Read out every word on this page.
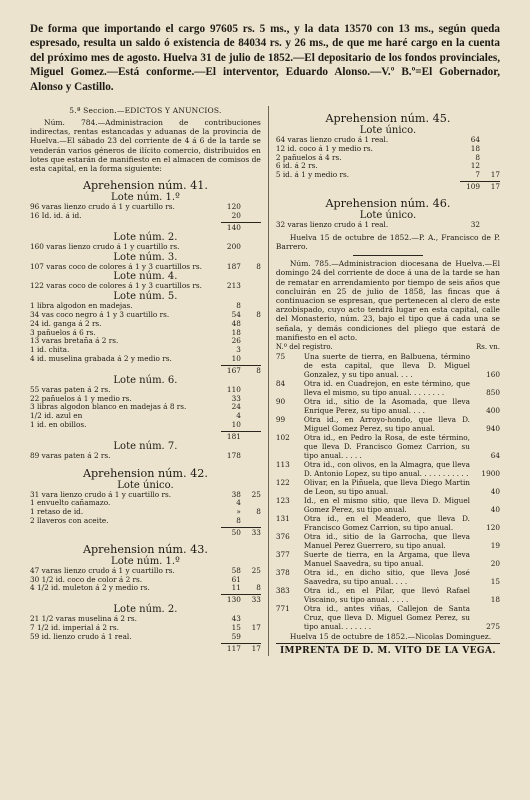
De forma que importando el cargo 97605 rs. 5 ms., y la data 13570 con 13 ms., según queda espresado, resulta un saldo ó existencia de 84034 rs. y 26 ms., de que me haré cargo en la cuenta del próximo mes de agosto. Huelva 31 de julio de 1852.—El depositario de los fondos provinciales, Miguel Gomez.—Está conforme.—El interventor, Eduardo Alonso.—V.º B.º=El Gobernador, Alonso y Castillo.
5.ª Seccion.—EDICTOS Y ANUNCIOS.

Núm. 784.—Administracion de contribuciones indirectas, rentas estancadas y aduanas de la provincia de Huelva.—El sábado 23 del corriente de 4 á 6 de la tarde se venderán varios géneros de ilícito comercio, distribuidos en lotes que estarán de manifiesto en el almacen de comisos de esta capital, en la forma siguiente:

Aprehension núm. 41.
Lote núm. 1.º
96 varas lienzo crudo á 1 y cuartillo rs.	120
16 Id. id. á id.	20
140
Lote núm. 2.
160 varas lienzo crudo á 1 y cuartillo rs.	200
Lote núm. 3.
107 varas coco de colores á 1 y 3 cuartillos rs.	187	8
Lote núm. 4.
122 varas coco de colores á 1 y 3 cuartillos rs.	213
Lote núm. 5.
1 libra algodon en madejas.	8
34 vas coco negro á 1 y 3 cuartillo rs.	54	8
24 id. ganga á 2 rs.	48
3 pañuelos á 6 rs.	18
13 varas bretaña á 2 rs.	26
1 id. chita.	3
4 id. muselina grabada á 2 y medio rs.	10
167	8
Lote núm. 6.
55 varas paten á 2 rs.	110
22 pañuelos á 1 y medio rs.	33
3 libras algodon blanco en madejas á 8 rs.	24
1/2 id. azul en	4
1 id. en obillos.	10
181
Lote núm. 7.
89 varas paten á 2 rs.	178
Aprehension núm. 42.
Lote único.
31 vara lienzo crudo á 1 y cuartillo rs.	38	25
1 envuelto cañamazo.	4
1 retaso de id.	»	8
2 llaveros con aceite.	8
50	33
Aprehension núm. 43.
Lote núm. 1.º
47 varas lienzo crudo á 1 y cuartillo rs.	58	25
30 1/2 id. coco de color á 2 rs.	61
4 1/2 id. muleton á 2 y medio rs.	11	8
130	33
Lote núm. 2.
21 1/2 varas muselina á 2 rs.	43
7 1/2 id. imperial á 2 rs.	15	17
59 id. lienzo crudo á 1 real.	59
117	17
Aprehension núm. 45.
Lote único.
64 varas lienzo crudo á 1 real.	64
12 id. coco á 1 y medio rs.	18
2 pañuelos á 4 rs.	8
6 id. á 2 rs.	12
5 id. á 1 y medio rs.	7	17
109	17
Aprehension núm. 46.
Lote único.
32 varas lienzo crudo á 1 real.	32

Huelva 15 de octubre de 1852.—P. A., Francisco de P. Barrero.

Núm. 785.—Administracion diocesana de Huelva.—El domingo 24 del corriente de doce á una de la tarde se han de rematar en arrendamiento por tiempo de seis años que concluirán en 25 de julio de 1858, las fincas que á continuacion se espresan, que pertenecen al clero de este arzobispado, cuyo acto tendrá lugar en esta capital, calle del Monasterio, núm. 23, bajo el tipo que á cada una se señala, y demás condiciones del pliego que estará de manifiesto en el acto.

N.º del registro.	Rs. vn.
75	Una suerte de tierra, en Balbuena, término de esta capital, que lleva D. Miguel Gonzalez, y su tipo anual. . . .	160
84	Otra id. en Cuadrejon, en este término, que lleva el mismo, su tipo anual. . . . . . . .	850
90	Otra id., sitio de la Asomada, que lleva Enrique Perez, su tipo anual. . . .	400
99	Otra id., en Arroyo-hondo, que lleva D. Miguel Gomez Perez, su tipo anual.	940
102	Otra id., en Pedro la Rosa, de este término, que lleva D. Francisco Gomez Carrion, su tipo anual. . . . .	64
113	Otra id., con olivos, en la Almagra, que lleva D. Antonio Lopez, su tipo anual. . . . . . . . . . .	1900
122	Olivar, en la Piñuela, que lleva Diego Martin de Leon, su tipo anual.	40
123	Id., en el mismo sitio, que lleva D. Miguel Gomez Perez, su tipo anual.	40
131	Otra id., en el Meadero, que lleva D. Francisco Gomez Carrion, su tipo anual.	120
376	Otra id., sitio de la Garrocha, que lleva Manuel Perez Guerrero, su tipo anual.	19
377	Suerte de tierra, en la Argama, que lleva Manuel Saavedra, su tipo anual.	20
378	Otra id., en dicho sitio, que lleva José Saavedra, su tipo anual. . . .	15
383	Otra id., en el Pilar, que llevó Rafael Viscaino, su tipo anual. . . . .	18
771	Otra id., antes viñas, Callejon de Santa Cruz, que lleva D. Miguel Gomez Perez, su tipo anual. . . . . . .	275

Huelva 15 de octubre de 1852.—Nicolas Dominguez.

IMPRENTA DE D. M. VITO DE LA VEGA.
